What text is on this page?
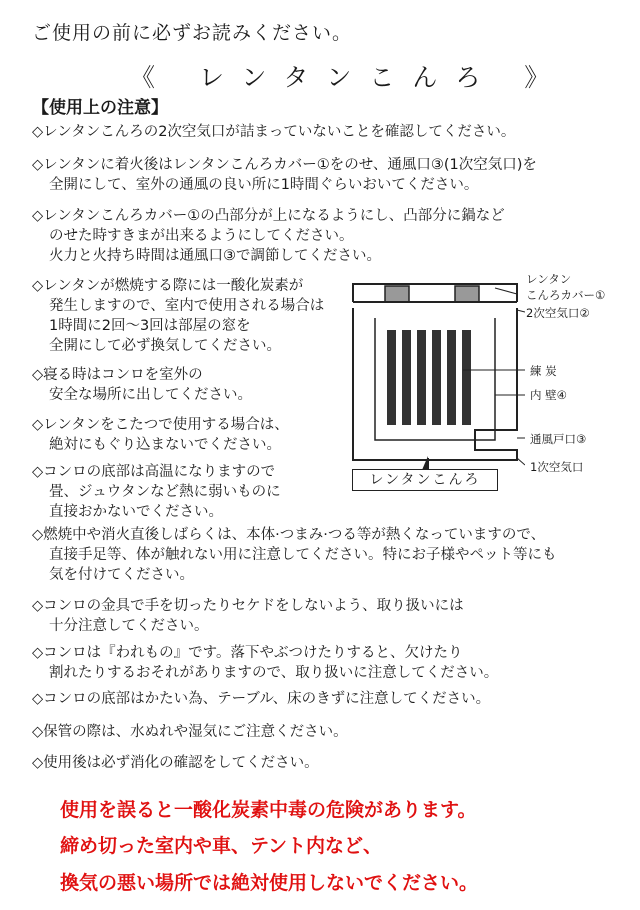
ご使用の前に必ずお読みください。
《 レンタンこんろ 》
【使用上の注意】
◇レンタンこんろの2次空気口が詰まっていないことを確認してください。
◇レンタンに着火後はレンタンこんろカバー①をのせ、通風口③(1次空気口)を
全開にして、室外の通風の良い所に1時間ぐらいおいてください。
◇レンタンこんろカバー①の凸部分が上になるようにし、凸部分に鍋など
のせた時すきまが出来るようにしてください。
火力と火持ち時間は通風口③で調節してください。
◇レンタンが燃焼する際には一酸化炭素が
発生しますので、室内で使用される場合は
1時間に2回～3回は部屋の窓を
全開にして必ず換気してください。
◇寝る時はコンロを室外の
安全な場所に出してください。
◇レンタンをこたつで使用する場合は、
絶対にもぐり込まないでください。
◇コンロの底部は高温になりますので
畳、ジュウタンなど熱に弱いものに
直接おかないでください。
◇燃焼中や消火直後しばらくは、本体·つまみ·つる等が熱くなっていますので、
直接手足等、体が触れない用に注意してください。特にお子様やペット等にも
気を付けてください。
◇コンロの金具で手を切ったりセケドをしないよう、取り扱いには
十分注意してください。
◇コンロは『われもの』です。落下やぶつけたりすると、欠けたり
割れたりするおそれがありますので、取り扱いに注意してください。
◇コンロの底部はかたい為、テーブル、床のきずに注意してください。
◇保管の際は、水ぬれや湿気にご注意ください。
◇使用後は必ず消化の確認をしてください。
レンタンこんろ
レンタン
こんろカバー①
2次空気口②
練 炭
内 壁④
通風戸口③
1次空気口
使用を誤ると一酸化炭素中毒の危険があります。
締め切った室内や車、テント内など、
換気の悪い場所では絶対使用しないでください。
